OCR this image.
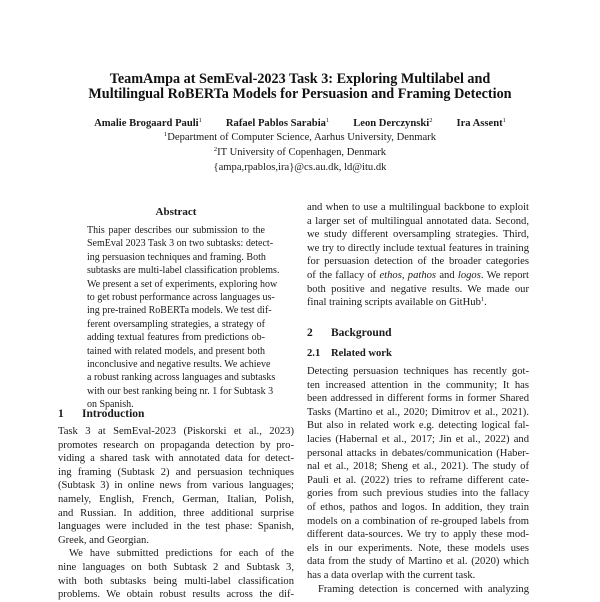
TeamAmpa at SemEval-2023 Task 3: Exploring Multilabel and
Multilingual RoBERTa Models for Persuasion and Framing Detection
Amalie Brogaard Pauli$^1$ Rafael Pablos Sarabia$^1$ Leon Derczynski$^2$ Ira Assent$^1$
$^1$Department of Computer Science, Aarhus University, Denmark
$^2$IT University of Copenhagen, Denmark
{ampa,rpablos,ira}@cs.au.dk, ld@itu.dk
Abstract
This paper describes our submission to the
SemEval 2023 Task 3 on two subtasks: detect-
ing persuasion techniques and framing. Both
subtasks are multi-label classification problems.
We present a set of experiments, exploring how
to get robust performance across languages us-
ing pre-trained RoBERTa models. We test dif-
ferent oversampling strategies, a strategy of
adding textual features from predictions ob-
tained with related models, and present both
inconclusive and negative results. We achieve
a robust ranking across languages and subtasks
with our best ranking being nr. 1 for Subtask 3
on Spanish.
1 Introduction
Task 3 at SemEval-2023 (Piskorski et al., 2023)
promotes research on propaganda detection by pro-
viding a shared task with annotated data for detect-
ing framing (Subtask 2) and persuasion techniques
(Subtask 3) in online news from various languages;
namely, English, French, German, Italian, Polish,
and Russian. In addition, three additional surprise
languages were included in the test phase: Spanish,
Greek, and Georgian.
We have submitted predictions for each of the
nine languages on both Subtask 2 and Subtask 3,
with both subtasks being multi-label classification
problems. We obtain robust results across the dif-
and when to use a multilingual backbone to exploit
a larger set of multilingual annotated data. Second,
we study different oversampling strategies. Third,
we try to directly include textual features in training
for persuasion detection of the broader categories
of the fallacy of ethos, pathos and logos. We report
both positive and negative results. We made our
final training scripts available on GitHub$^1$.
2 Background
2.1 Related work
Detecting persuasion techniques has recently got-
ten increased attention in the community; It has
been addressed in different forms in former Shared
Tasks (Martino et al., 2020; Dimitrov et al., 2021).
But also in related work e.g. detecting logical fal-
lacies (Habernal et al., 2017; Jin et al., 2022) and
personal attacks in debates/communication (Haber-
nal et al., 2018; Sheng et al., 2021). The study of
Pauli et al. (2022) tries to reframe different cate-
gories from such previous studies into the fallacy
of ethos, pathos and logos. In addition, they train
models on a combination of re-grouped labels from
different data-sources. We try to apply these mod-
els in our experiments. Note, these models uses
data from the study of Martino et al. (2020) which
has a data overlap with the current task.
Framing detection is concerned with analyzing
